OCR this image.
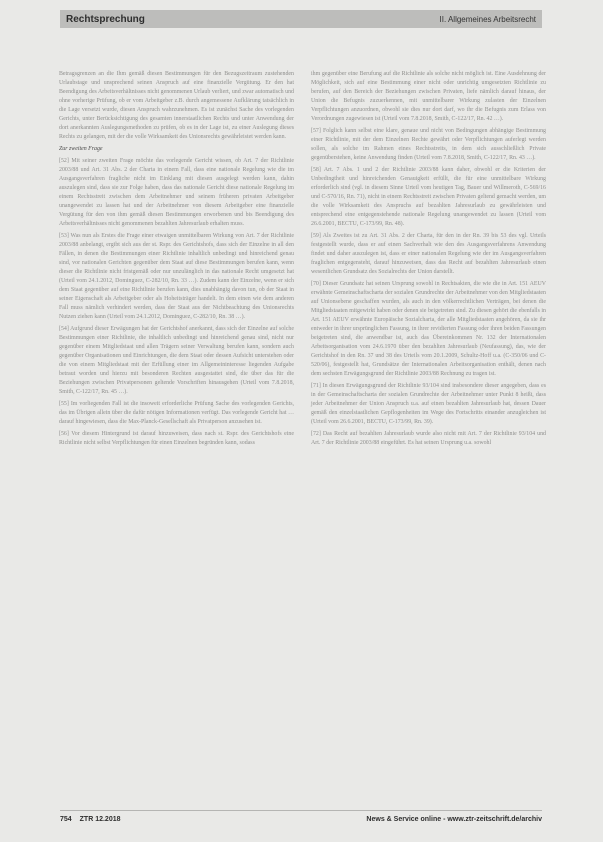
Rechtsprechung	II. Allgemeines Arbeitsrecht

Betragsgrenzen an die Ihm gemäß diesen Bestimmungen für den Bezugszeitraum zustehenden Urlaubstage und unsprechend seinen Anspruch auf eine finanzielle Vergütung. Er den hat Beendigung des Arbeitsverhältnisses nicht genommenen Urlaub verliert, und zwar automatisch und ohne vorherige Prüfung, ob er vom Arbeitgeber z.B. durch angemessene Aufklärung tatsächlich in die Lage versetzt wurde, diesen Anspruch wahrzunehmen. Es ist zunächst Sache des vorlegenden Gerichts, unter Berücksichtigung des gesamten innerstaatlichen Rechts und unter Anwendung der dort anerkannten Auslegungsmethoden zu prüfen, ob es in der Lage ist, zu einer Auslegung dieses Rechts zu gelangen, mit der die volle Wirksamkeit des Unionsrechts gewährleistet werden kann.

Zur zweiten Frage

[52] Mit seiner zweiten Frage möchte das vorlegende Gericht wissen, ob Art. 7 der Richtlinie 2003/88 und Art. 31 Abs. 2 der Charta in einem Fall, dass eine nationale Regelung wie die im Ausgangsverfahren fragliche nicht im Einklang mit diesen ausgelegt werden kann, dahin auszulegen sind, dass sie zur Folge haben, dass das nationale Gericht diese nationale Regelung im einem Rechtsstreit zwischen dem Arbeitnehmer und seinem früheren privaten Arbeitgeber unangewendet zu lassen hat und der Arbeitnehmer von diesem Arbeitgeber eine finanzielle Vergütung für den von ihm gemäß diesen Bestimmungen erworbenen und bis Beendigung des Arbeitsverhältnisses nicht genommenen bezahlten Jahresurlaub erhalten muss.

[53] Was nun als Erstes die Frage einer etwaigen unmittelbaren Wirkung von Art. 7 der Richtlinie 2003/88 anbelangt, ergibt sich aus der st. Rspr. des Gerichtshofs, dass sich der Einzelne in all den Fällen, in denen die Bestimmungen einer Richtlinie inhaltlich unbedingt und hinreichend genau sind, vor nationalen Gerichten gegenüber dem Staat auf diese Bestimmungen berufen kann, wenn dieser die Richtlinie nicht fristgemäß oder nur unzulänglich in das nationale Recht umgesetzt hat (Urteil vom 24.1.2012, Dominguez, C-282/10, Rn. 33 …). Zudem kann der Einzelne, wenn er sich dem Staat gegenüber auf eine Richtlinie berufen kann, dies unabhängig davon tun, ob der Staat in seiner Eigenschaft als Arbeitgeber oder als Hoheitsträger handelt. In dem einen wie dem anderen Fall muss nämlich verhindert werden, dass der Staat aus der Nichtbeachtung des Unionsrechts Nutzen ziehen kann (Urteil vom 24.1.2012, Dominguez, C-282/10, Rn. 38 …).

[54] Aufgrund dieser Erwägungen hat der Gerichtshof anerkannt, dass sich der Einzelne auf solche Bestimmungen einer Richtlinie, die inhaltlich unbedingt und hinreichend genau sind, nicht nur gegenüber einem Mitgliedstaat und allen Trägern seiner Verwaltung berufen kann, sondern auch gegenüber Organisationen und Einrichtungen, die dem Staat oder dessen Aufsicht unterstehen oder die von einem Mitgliedstaat mit der Erfüllung einer im Allgemeininteresse liegenden Aufgabe betraut worden und hierzu mit besonderen Rechten ausgestattet sind, die über das für die Beziehungen zwischen Privatpersonen geltende Vorschriften hinausgehen (Urteil vom 7.8.2018, Smith, C-122/17, Rn. 45 …).

[55] Im vorliegenden Fall ist die insoweit erforderliche Prüfung Sache des vorlegenden Gerichts, das im Übrigen allein über die dafür nötigen Informationen verfügt. Das vorlegende Gericht hat … darauf hingewiesen, dass die Max-Planck-Gesellschaft als Privatperson anzusehen ist.

[56] Vor diesem Hintergrund ist darauf hinzuweisen, dass nach st. Rspr. des Gerichtshofs eine Richtlinie nicht selbst Verpflichtungen für einen Einzelnen begründen kann, sodass

ihm gegenüber eine Berufung auf die Richtlinie als solche nicht möglich ist. Eine Ausdehnung der Möglichkeit, sich auf eine Bestimmung einer nicht oder unrichtig umgesetzten Richtlinie zu berufen, auf den Bereich der Beziehungen zwischen Privaten, liefe nämlich darauf hinaus, der Union die Befugnis zuzuerkennen, mit unmittelbarer Wirkung zulasten der Einzelnen Verpflichtungen anzuordnen, obwohl sie dies nur dort darf, wo ihr die Befugnis zum Erlass von Verordnungen zugewiesen ist (Urteil vom 7.8.2018, Smith, C-122/17, Rn. 42 …).

[57] Folglich kann selbst eine klare, genaue und nicht von Bedingungen abhängige Bestimmung einer Richtlinie, mit der dem Einzelnen Rechte gewährt oder Verpflichtungen auferlegt werden sollen, als solche im Rahmen eines Rechtsstreits, in dem sich ausschließlich Private gegenüberstehen, keine Anwendung finden (Urteil vom 7.8.2018, Smith, C-122/17, Rn. 43 …).

[58] Art. 7 Abs. 1 und 2 der Richtlinie 2003/88 kann daher, obwohl er die Kriterien der Unbedingtheit und hinreichenden Genauigkeit erfüllt, die für eine unmittelbare Wirkung erforderlich sind (vgl. in diesem Sinne Urteil vom heutigen Tag, Bauer und Willmeroth, C-569/16 und C-570/16, Rn. 71), nicht in einem Rechtsstreit zwischen Privaten geltend gemacht werden, um die volle Wirksamkeit des Anspruchs auf bezahlten Jahresurlaub zu gewährleisten und entsprechend eine entgegenstehende nationale Regelung unangewendet zu lassen (Urteil vom 26.6.2001, BECTU, C-173/99, Rn. 48).

[59] Als Zweites ist zu Art. 31 Abs. 2 der Charta, für den in der Rn. 39 bis 53 des vgl. Urteils festgestellt wurde, dass er auf einen Sachverhalt wie den des Ausgangsverfahrens Anwendung findet und daher auszulegen ist, dass er einer nationalen Regelung wie der im Ausgangsverfahren fraglichen entgegensteht, darauf hinzuweisen, dass das Recht auf bezahlten Jahresurlaub einen wesentlichen Grundsatz des Sozialrechts der Union darstellt.

[70] Dieser Grundsatz hat seinen Ursprung sowohl in Rechtsakten, die wie die in Art. 151 AEUV erwähnte Gemeinschaftscharta der sozialen Grundrechte der Arbeitnehmer von den Mitgliedstaaten auf Unionsebene geschaffen wurden, als auch in den völkerrechtlichen Verträgen, bei denen die Mitgliedstaaten mitgewirkt haben oder denen sie beigetreten sind. Zu diesen gehört die ebenfalls in Art. 151 AEUV erwähnte Europäische Sozialcharta, der alle Mitgliedstaaten angehören, da sie ihr entweder in ihrer ursprünglichen Fassung, in ihrer revidierten Fassung oder ihren beiden Fassungen beigetreten sind, die anwendbar ist, auch das Übereinkommen Nr. 132 der Internationalen Arbeitsorganisation vom 24.6.1970 über den bezahlten Jahresurlaub (Neufassung), das, wie der Gerichtshof in den Rn. 37 und 38 des Urteils vom 20.1.2009, Schultz-Hoff u.a. (C-350/06 und C-520/06), festgestellt hat, Grundsätze der Internationalen Arbeitsorganisation enthält, denen nach dem sechsten Erwägungsgrund der Richtlinie 2003/88 Rechnung zu tragen ist.

[71] In diesen Erwägungsgrund der Richtlinie 93/104 sind insbesondere dieser angegeben, dass es in der Gemeinschaftscharta der sozialen Grundrechte der Arbeitnehmer unter Punkt 8 heißt, dass jeder Arbeitnehmer der Union Anspruch u.a. auf einen bezahlten Jahresurlaub hat, dessen Dauer gemäß den einzelstaatlichen Gepflogenheiten im Wege des Fortschritts einander anzugleichen ist (Urteil vom 26.6.2001, BECTU, C-173/99, Rn. 39).

[72] Das Recht auf bezahlten Jahresurlaub wurde also nicht mit Art. 7 der Richtlinie 93/104 und Art. 7 der Richtlinie 2003/88 eingeführt. Es hat seinen Ursprung u.a. sowohl

754 ZTR 12.2018	News & Service online - www.ztr-zeitschrift.de/archiv
